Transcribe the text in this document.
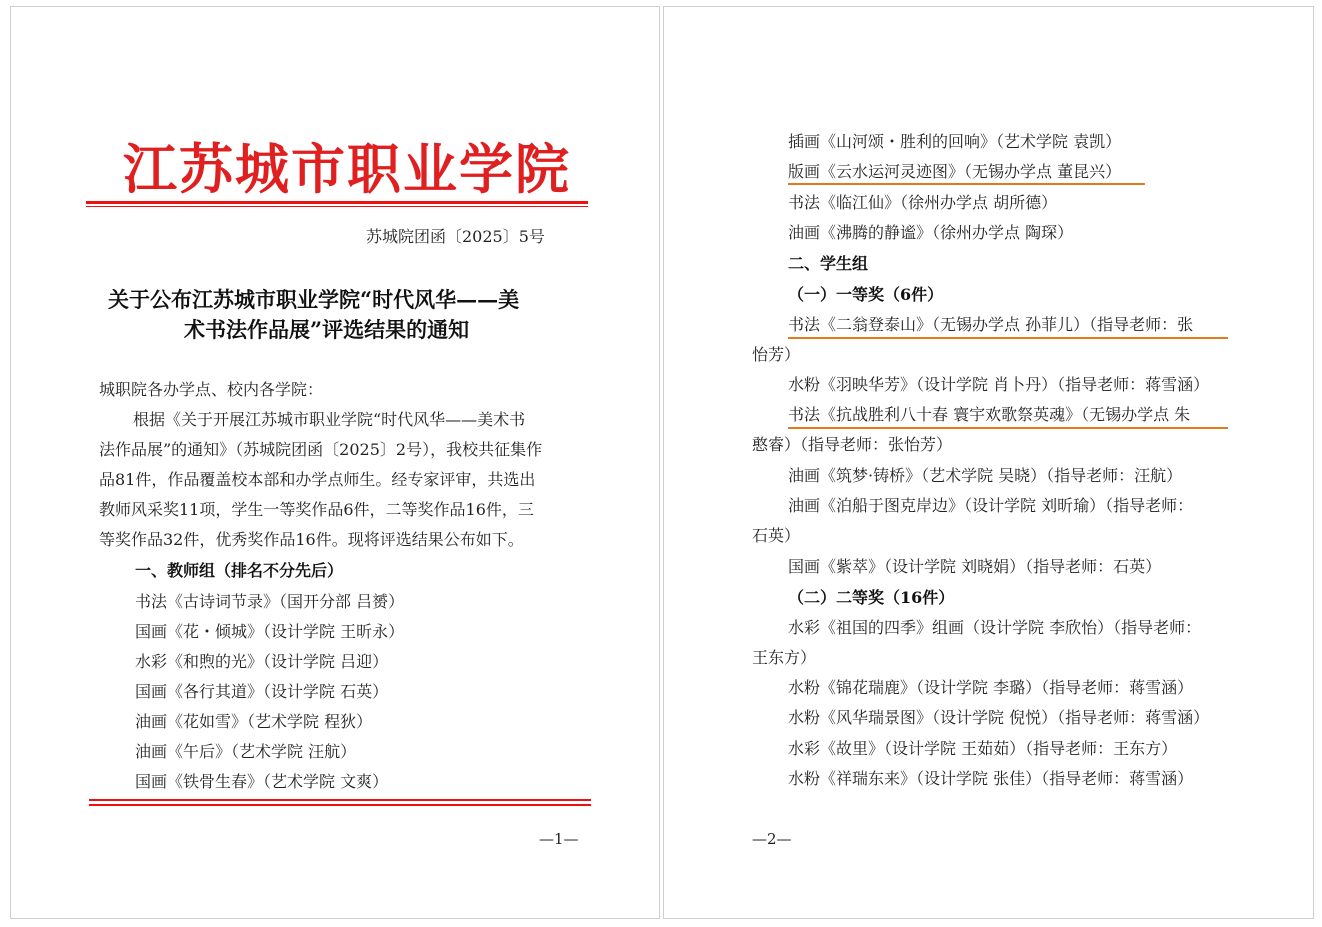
江苏城市职业学院
苏城院团函〔2025〕5号
关于公布江苏城市职业学院“时代风华——美
术书法作品展”评选结果的通知
城职院各办学点、校内各学院：
根据《关于开展江苏城市职业学院“时代风华——美术书
法作品展”的通知》（苏城院团函〔2025〕2号），我校共征集作
品81件，作品覆盖校本部和办学点师生。经专家评审，共选出
教师风采奖11项，学生一等奖作品6件，二等奖作品16件，三
等奖作品32件，优秀奖作品16件。现将评选结果公布如下。
一、教师组（排名不分先后）
书法《古诗词节录》（国开分部 吕赟）
国画《花・倾城》（设计学院 王昕永）
水彩《和煦的光》（设计学院 吕迎）
国画《各行其道》（设计学院 石英）
油画《花如雪》（艺术学院 程狄）
油画《午后》（艺术学院 汪航）
国画《铁骨生春》（艺术学院 文爽）
—1—
插画《山河颂・胜利的回响》（艺术学院 袁凯）
版画《云水运河灵迹图》（无锡办学点 董昆兴）
书法《临江仙》（徐州办学点 胡所德）
油画《沸腾的静谧》（徐州办学点 陶琛）
二、学生组
（一）一等奖（6件）
书法《二翁登泰山》（无锡办学点 孙菲儿）（指导老师：张
怡芳）
水粉《羽映华芳》（设计学院 肖卜丹）（指导老师：蒋雪涵）
书法《抗战胜利八十春 寰宇欢歌祭英魂》（无锡办学点 朱
憨睿）（指导老师：张怡芳）
油画《筑梦·铸桥》（艺术学院 吴晓）（指导老师：汪航）
油画《泊船于图克岸边》（设计学院 刘昕瑜）（指导老师：
石英）
国画《紫萃》（设计学院 刘晓娟）（指导老师：石英）
（二）二等奖（16件）
水彩《祖国的四季》组画（设计学院 李欣怡）（指导老师：
王东方）
水粉《锦花瑞鹿》（设计学院 李璐）（指导老师：蒋雪涵）
水粉《风华瑞景图》（设计学院 倪悦）（指导老师：蒋雪涵）
水彩《故里》（设计学院 王茹茹）（指导老师：王东方）
水粉《祥瑞东来》（设计学院 张佳）（指导老师：蒋雪涵）
—2—
